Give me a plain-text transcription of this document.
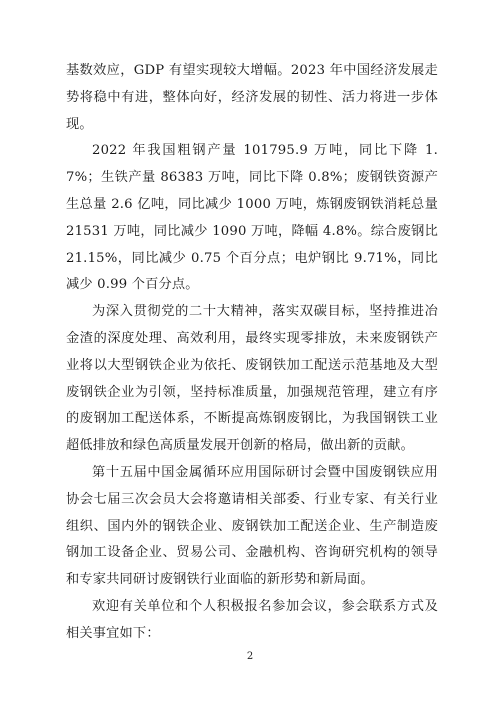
基数效应，GDP 有望实现较大增幅。2023 年中国经济发展走势将稳中有进，整体向好，经济发展的韧性、活力将进一步体现。

2022 年我国粗钢产量 101795.9 万吨，同比下降 1.7%；生铁产量 86383 万吨，同比下降 0.8%；废钢铁资源产生总量 2.6 亿吨，同比减少 1000 万吨，炼钢废钢铁消耗总量 21531 万吨，同比减少 1090 万吨，降幅 4.8%。综合废钢比 21.15%，同比减少 0.75 个百分点；电炉钢比 9.71%，同比减少 0.99 个百分点。

为深入贯彻党的二十大精神，落实双碳目标，坚持推进冶金渣的深度处理、高效利用，最终实现零排放，未来废钢铁产业将以大型钢铁企业为依托、废钢铁加工配送示范基地及大型废钢铁企业为引领，坚持标准质量，加强规范管理，建立有序的废钢加工配送体系，不断提高炼钢废钢比，为我国钢铁工业超低排放和绿色高质量发展开创新的格局，做出新的贡献。

第十五届中国金属循环应用国际研讨会暨中国废钢铁应用协会七届三次会员大会将邀请相关部委、行业专家、有关行业组织、国内外的钢铁企业、废钢铁加工配送企业、生产制造废钢加工设备企业、贸易公司、金融机构、咨询研究机构的领导和专家共同研讨废钢铁行业面临的新形势和新局面。

欢迎有关单位和个人积极报名参加会议，参会联系方式及相关事宜如下：

2
